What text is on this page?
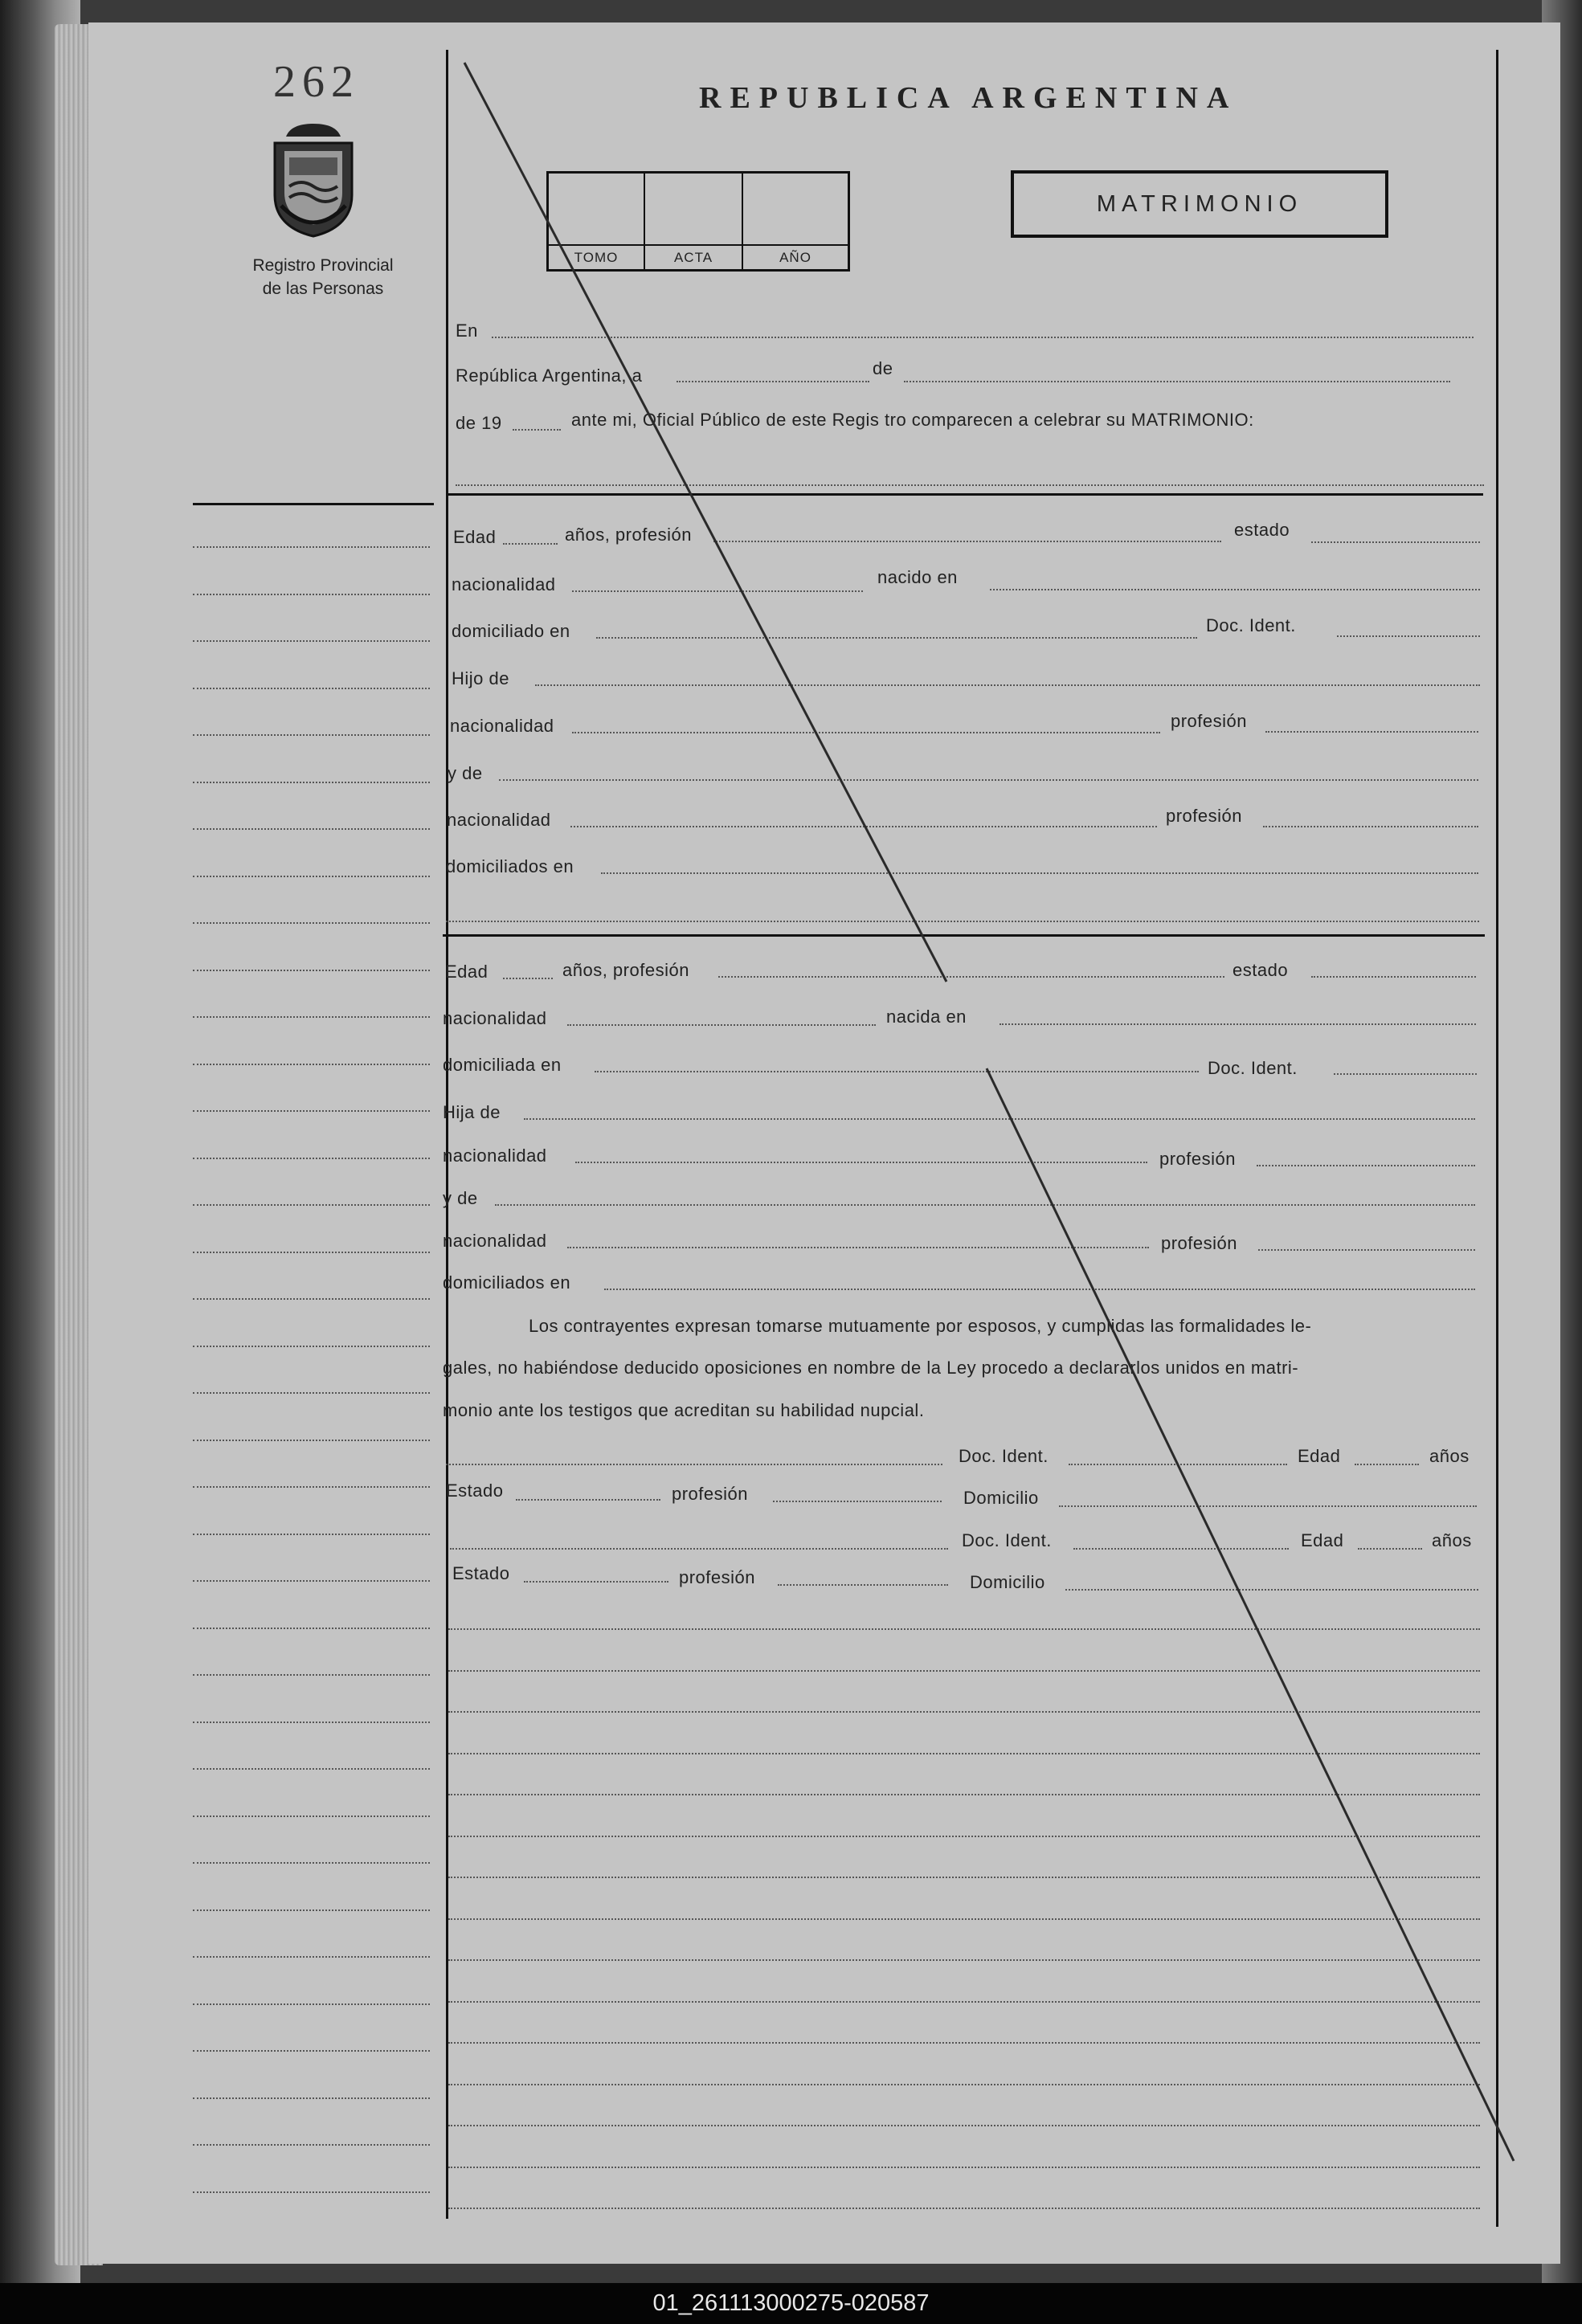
262
Registro Provincial
de las Personas
REPUBLICA ARGENTINA
TOMO	ACTA	AÑO
MATRIMONIO
En
República Argentina, a	de
de 19	ante mi, Oficial Público de este Regis tro comparecen a celebrar su MATRIMONIO:
Edad	años, profesión	estado
nacionalidad	nacido en
domiciliado en	Doc. Ident.
Hijo de
nacionalidad	profesión
y de
nacionalidad	profesión
domiciliados en
Edad	años, profesión	estado
nacionalidad	nacida en
domiciliada en	Doc. Ident.
Hija de
nacionalidad	profesión
y de
nacionalidad	profesión
domiciliados en
Los contrayentes expresan tomarse mutuamente por esposos, y cumplidas las formalidades le-
gales, no habiéndose deducido oposiciones en nombre de la Ley procedo a declararlos unidos en matri-
monio ante los testigos que acreditan su habilidad nupcial.
Doc. Ident.	Edad	años
Estado	profesión	Domicilio
Doc. Ident.	Edad	años
Estado	profesión	Domicilio
01_261113000275-020587
